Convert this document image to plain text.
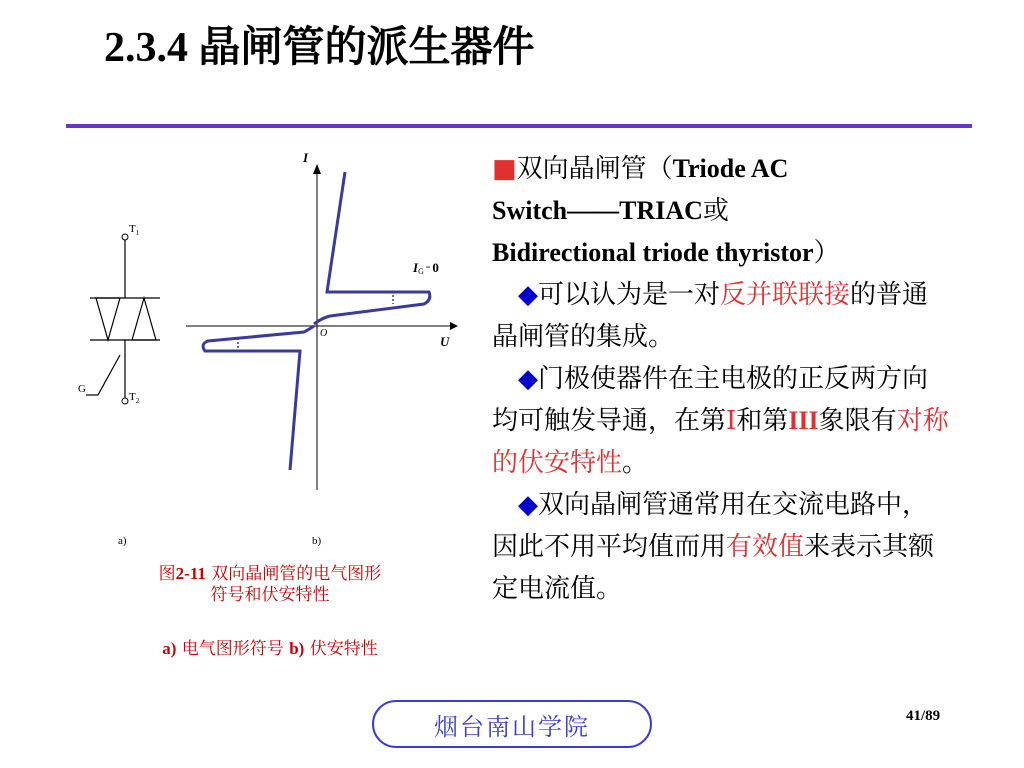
2.3.4 晶闸管的派生器件
$T_1$
$T_2$
G
a)
I
U
O
IG = 0
b)
图2-11 双向晶闸管的电气图形
符号和伏安特性
a) 电气图形符号 b) 伏安特性
■双向晶闸管（Triode AC
Switch——TRIAC或
Bidirectional triode thyristor）
◆可以认为是一对反并联联接的普通晶闸管的集成。
◆门极使器件在主电极的正反两方向均可触发导通，在第Ⅰ和第III象限有对称的伏安特性。
◆双向晶闸管通常用在交流电路中，因此不用平均值而用有效值来表示其额定电流值。
烟台南山学院	41/89
